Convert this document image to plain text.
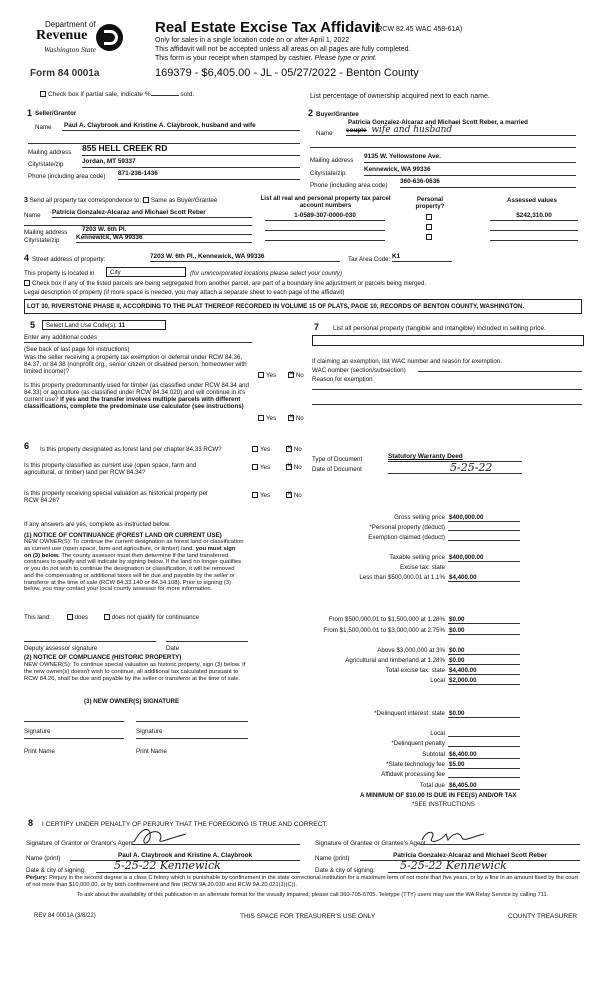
Department of
Revenue
Washington State
Form 84 0001a
Real Estate Excise Tax Affidavit
(RCW 82.45 WAC 458-61A)
Only for sales in a single location code on or after April 1, 2022
This affidavit will not be accepted unless all areas on all pages are fully completed.
This form is your receipt when stamped by cashier. Please type or print.
169379 - $6,405.00 - JL - 05/27/2022 - Benton County
Check box if partial sale, indicate %	sold.	List percentage of ownership acquired next to each name.
1 Seller/Grantor
Name	Paul A. Claybrook and Kristine A. Claybrook, husband and wife
Mailing address 855 HELL CREEK RD
City/state/zip	Jordan, MT 59337
Phone (including area code) 871-236-1436
2 Buyer/Grantee
Patricia Gonzalez-Alcaraz and Michael Scott Reber, a married
Name couple wife and husband
Mailing address
9135 W. Yellowstone Ave.
City/state/zip
Kennewick, WA 99336
Phone (including area code)
360-636-0636
3 Send all property tax correspondence to: Same as Buyer/Grantee
Name Patricia Gonzalez-Alcaraz and Michael Scott Reber
Mailing address 7203 W. 6th Pl.
City/state/zip	Kennewick, WA 99336
List all real and personal property tax parcel account numbers
1-0589-307-0000-030
Personal property?

Assessed values
$242,310.00
4 Street address of property:	7203 W. 6th Pl., Kennewick, WA 99336	Tax Area Code: K1
This property is located in	City	(for unincorporated locations please select your county)
Check box if any of the listed parcels are being segregated from another parcel, are part of a boundary line adjustment or parcels being merged.
Legal description of property (if more space is needed, you may attach a separate sheet to each page of the affidavit)
LOT 30, RIVERSTONE PHASE II, ACCORDING TO THE PLAT THEREOF RECORDED IN VOLUME 15 OF PLATS, PAGE 10, RECORDS OF BENTON COUNTY, WASHINGTON.
5	Select Land Use Code(s): 11
Enter any additional codes
(See back of last page for instructions)
Was the seller receiving a property tax exemption or deferral under RCW 84.36, 84.37, or 84.38 (nonprofit org., senior citizen or disabled person, homeowner with limited income)?
Yes ✕	No
Is this property predominantly used for timber (as classified under RCW 84.34 and 84.33) or agriculture (as classified under RCW 84.34.020) and will continue in it's current use? If yes and the transfer involves multiple parcels with different classifications, complete the predominate use calculator (see instructions)
Yes ✕	No
7 List all personal property (tangible and intangible) included in selling price.
If claiming an exemption, list WAC number and reason for exemption.
WAC number (section/subsection)
Reason for exemption
6 Is this property designated as forest land per chapter 84.33 RCW?	Yes ✕	No
Is this property classified as current use (open space, farm and agricultural, or timber) land per RCW 84.34?
Yes ✕	No
Is this property receiving special valuation as historical property per RCW 84.26?
Yes ✕	No
Type of Document	Statutory Warranty Deed
Date of Document	5-25-22
If any answers are yes, complete as instructed below.
(1) NOTICE OF CONTINUANCE (FOREST LAND OR CURRENT USE)
NEW OWNER(S): To continue the current designation as forest land or classification as current use (open space, farm and agriculture, or timber) land, you must sign on (3) below. The county assessor must then determine if the land transferred continues to qualify and will indicate by signing below. If the land no longer qualifies or you do not wish to continue the designation or classification, it will be removed and the compensating or additional taxes will be due and payable by the seller or transferor at the time of sale (RCW 84.33.140 or 84.34.108). Prior to signing (3) below, you may contact your local county assessor for more information.
This land:	does	does not qualify for continuance
Deputy assessor signature	Date
(2) NOTICE OF COMPLIANCE (HISTORIC PROPERTY)
NEW OWNER(S): To continue special valuation as historic property, sign (3) below. If the new owner(s) doesn't wish to continue, all additional tax calculated pursuant to RCW 84.26, shall be due and payable by the seller or transferor at the time of sale.
(3) NEW OWNER(S) SIGNATURE
Signature	Signature
Print Name	Print Name
Gross selling price $400,000.00
*Personal property (deduct)
Exemption claimed (deduct)
Taxable selling price $400,000.00
Excise tax: state
Less than $500,000.01 at 1.1% $4,400.00
From $500,000.01 to $1,500,000 at 1.28% $0.00
From $1,500,000.01 to $3,000,000 at 2.75% $0.00
Above $3,000,000 at 3% $0.00
Agricultural and timberland at 1.28% $0.00
Total excise tax: state $4,400.00
Local $2,000.00
*Delinquent interest: state $0.00
Local
*Delinquent penalty
Subtotal $6,400.00
*State technology fee $5.00
Affidavit processing fee
Total due $6,405.00
A MINIMUM OF $10.00 IS DUE IN FEE(S) AND/OR TAX
*SEE INSTRUCTIONS
8 I CERTIFY UNDER PENALTY OF PERJURY THAT THE FOREGOING IS TRUE AND CORRECT.
Signature of Grantor or Grantor's Agent	Signature of Grantee or Grantee's Agent
Name (print)	Paul A. Claybrook and Kristine A. Claybrook	Name (print)	Patricia Gonzalez-Alcaraz and Michael Scott Reber
Date & city of signing:	5-25-22 Kennewick	Date & city of signing:	5-25-22 Kennewick
Perjury: Perjury in the second degree is a class C felony which is punishable by confinement in the state correctional institution for a maximum term of not more than five years, or by a fine in an amount fixed by the court of not more than $10,000.00, or by both confinement and fine (RCW 9A.20.030 and RCW 9A.20.021(1)(C)).
To ask about the availability of this publication in an alternate format for the visually impaired, please call 360-705-6705. Teletype (TTY) users may use the WA Relay Service by calling 711.
REV 84 0001A (3/8/22)	THIS SPACE FOR TREASURER'S USE ONLY	COUNTY TREASURER
